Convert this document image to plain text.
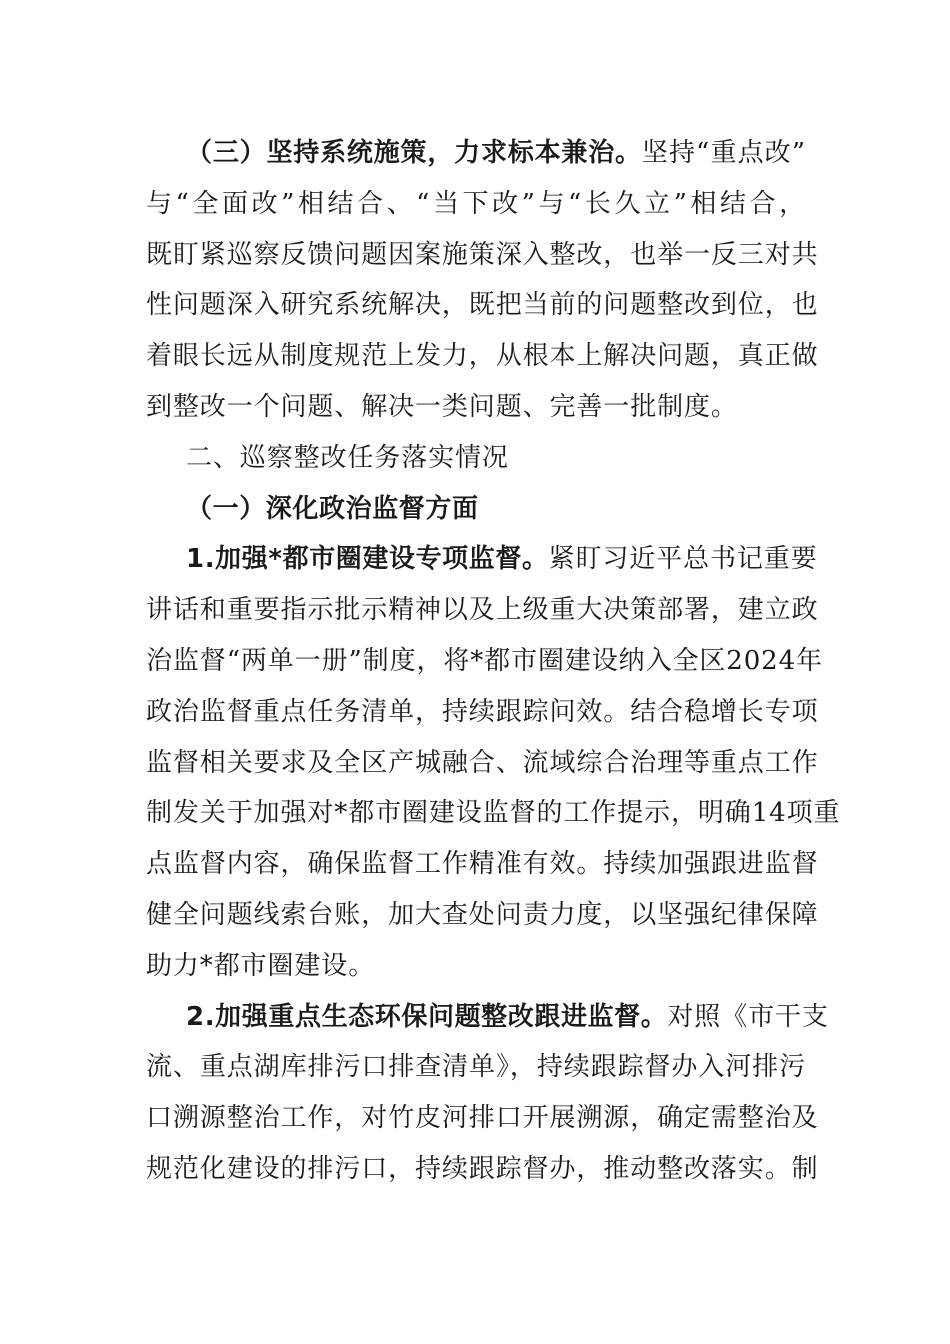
（三）坚持系统施策，力求标本兼治。坚持“重点改”
与“全面改”相结合、“当下改”与“长久立”相结合，
既盯紧巡察反馈问题因案施策深入整改，也举一反三对共
性问题深入研究系统解决，既把当前的问题整改到位，也
着眼长远从制度规范上发力，从根本上解决问题，真正做
到整改一个问题、解决一类问题、完善一批制度。
二、巡察整改任务落实情况
（一）深化政治监督方面
1.加强*都市圈建设专项监督。紧盯习近平总书记重要
讲话和重要指示批示精神以及上级重大决策部署，建立政
治监督“两单一册”制度，将*都市圈建设纳入全区2024年
政治监督重点任务清单，持续跟踪问效。结合稳增长专项
监督相关要求及全区产城融合、流域综合治理等重点工作
制发关于加强对*都市圈建设监督的工作提示，明确14项重
点监督内容，确保监督工作精准有效。持续加强跟进监督
健全问题线索台账，加大查处问责力度，以坚强纪律保障
助力*都市圈建设。
2.加强重点生态环保问题整改跟进监督。对照《市干支
流、重点湖库排污口排查清单》，持续跟踪督办入河排污
口溯源整治工作，对竹皮河排口开展溯源，确定需整治及
规范化建设的排污口，持续跟踪督办，推动整改落实。制
